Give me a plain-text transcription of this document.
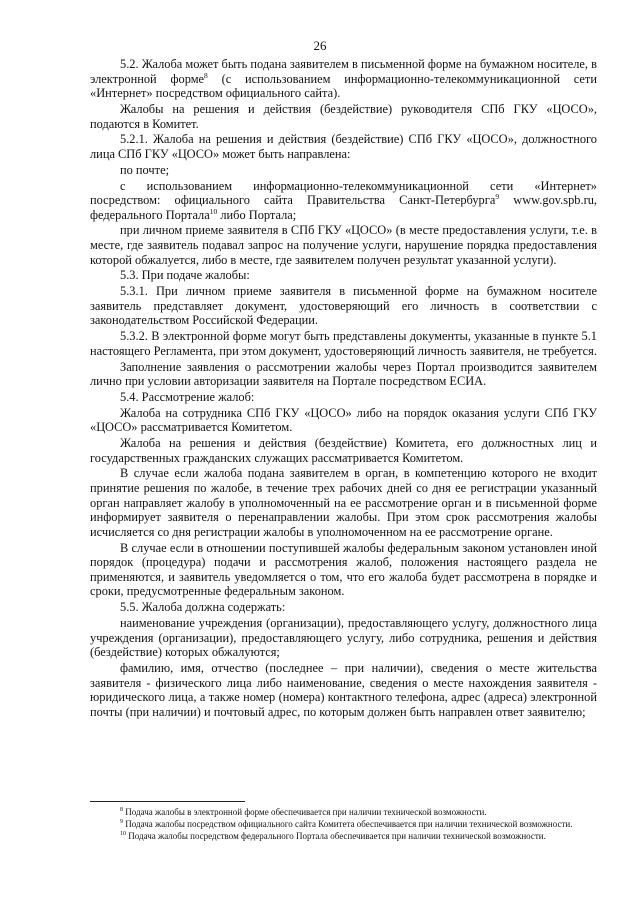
26

5.2. Жалоба может быть подана заявителем в письменной форме на бумажном носителе, в электронной форме$^8$ (с использованием информационно-телекоммуникационной сети «Интернет» посредством официального сайта).

Жалобы на решения и действия (бездействие) руководителя СПб ГКУ «ЦОСО», подаются в Комитет.

5.2.1. Жалоба на решения и действия (бездействие) СПб ГКУ «ЦОСО», должностного лица СПб ГКУ «ЦОСО» может быть направлена:

по почте;

с использованием информационно-телекоммуникационной сети «Интернет» посредством: официального сайта Правительства Санкт-Петербурга$^9$ www.gov.spb.ru, федерального Портала$^{10}$ либо Портала;

при личном приеме заявителя в СПб ГКУ «ЦОСО» (в месте предоставления услуги, т.е. в месте, где заявитель подавал запрос на получение услуги, нарушение порядка предоставления которой обжалуется, либо в месте, где заявителем получен результат указанной услуги).

5.3. При подаче жалобы:

5.3.1. При личном приеме заявителя в письменной форме на бумажном носителе заявитель представляет документ, удостоверяющий его личность в соответствии с законодательством Российской Федерации.

5.3.2. В электронной форме могут быть представлены документы, указанные в пункте 5.1 настоящего Регламента, при этом документ, удостоверяющий личность заявителя, не требуется.

Заполнение заявления о рассмотрении жалобы через Портал производится заявителем лично при условии авторизации заявителя на Портале посредством ЕСИА.

5.4. Рассмотрение жалоб:

Жалоба на сотрудника СПб ГКУ «ЦОСО» либо на порядок оказания услуги СПб ГКУ «ЦОСО» рассматривается Комитетом.

Жалоба на решения и действия (бездействие) Комитета, его должностных лиц и государственных гражданских служащих рассматривается Комитетом.

В случае если жалоба подана заявителем в орган, в компетенцию которого не входит принятие решения по жалобе, в течение трех рабочих дней со дня ее регистрации указанный орган направляет жалобу в уполномоченный на ее рассмотрение орган и в письменной форме информирует заявителя о перенаправлении жалобы. При этом срок рассмотрения жалобы исчисляется со дня регистрации жалобы в уполномоченном на ее рассмотрение органе.

В случае если в отношении поступившей жалобы федеральным законом установлен иной порядок (процедура) подачи и рассмотрения жалоб, положения настоящего раздела не применяются, и заявитель уведомляется о том, что его жалоба будет рассмотрена в порядке и сроки, предусмотренные федеральным законом.

5.5. Жалоба должна содержать:

наименование учреждения (организации), предоставляющего услугу, должностного лица учреждения (организации), предоставляющего услугу, либо сотрудника, решения и действия (бездействие) которых обжалуются;

фамилию, имя, отчество (последнее – при наличии), сведения о месте жительства заявителя - физического лица либо наименование, сведения о месте нахождения заявителя - юридического лица, а также номер (номера) контактного телефона, адрес (адреса) электронной почты (при наличии) и почтовый адрес, по которым должен быть направлен ответ заявителю;

$^8$ Подача жалобы в электронной форме обеспечивается при наличии технической возможности.

$^9$ Подача жалобы посредством официального сайта Комитета обеспечивается при наличии технической возможности.

$^{10}$ Подача жалобы посредством федерального Портала обеспечивается при наличии технической возможности.
